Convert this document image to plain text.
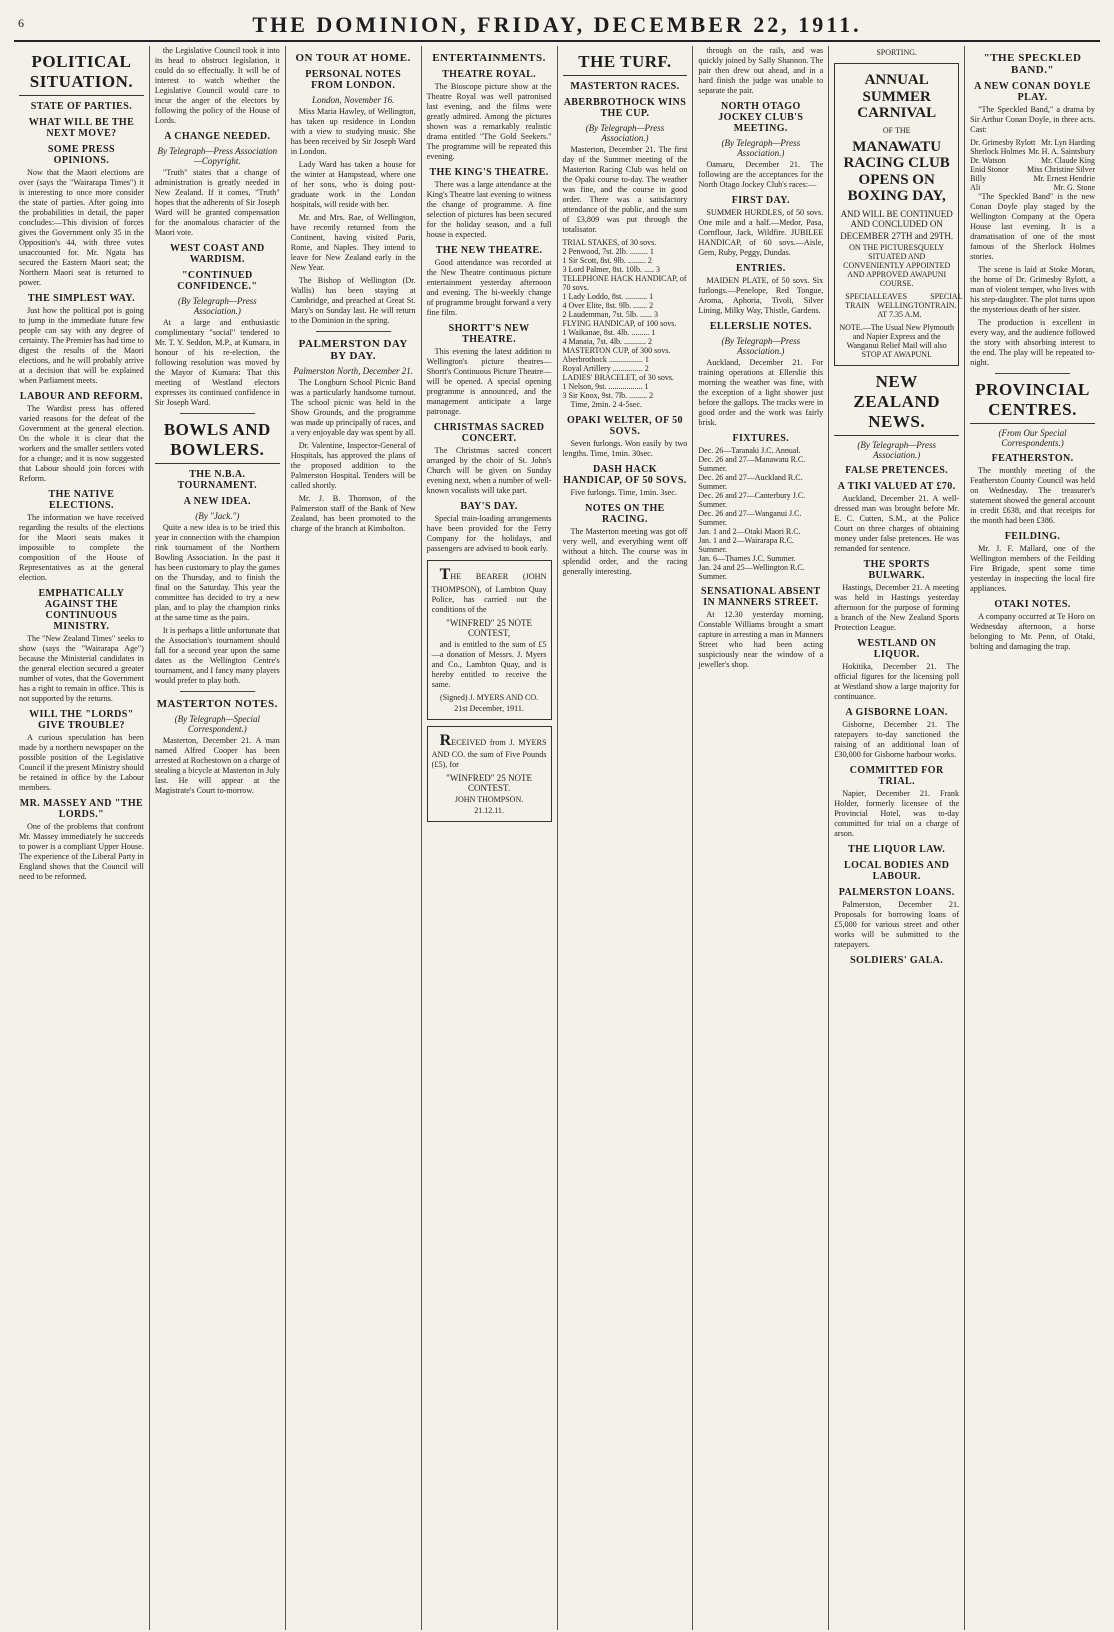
6	THE DOMINION, FRIDAY, DECEMBER 22, 1911.
POLITICAL SITUATION.
STATE OF PARTIES.
WHAT WILL BE THE NEXT MOVE?
SOME PRESS OPINIONS.

Now that the Maori elections are over (says the "Wairarapa Times") it is interesting to once more consider the state of parties. After going into the probabilities in detail, the paper concludes:—This division of forces gives the Government only 35 in the Opposition's 44, with three votes unaccounted for. Mr. Ngata has secured the Eastern Maori seat; the Northern Maori seat is returned to power.

THE SIMPLEST WAY.

Just how the political pot is going to jump in the immediate future few people can say with any degree of certainty. The Premier has had time to digest the results of the Maori elections, and he will probably arrive at a decision that will be explained when Parliament meets.

LABOUR AND REFORM.

The Wardist press has offered varied reasons for the defeat of the Government at the general election. On the whole it is clear that the workers and the smaller settlers voted for a change; and it is now suggested that Labour should join forces with Reform.

THE NATIVE ELECTIONS.

The information we have received regarding the results of the elections for the Maori seats makes it impossible to complete the composition of the House of Representatives as at the general election.

EMPHATICALLY AGAINST THE CONTINUOUS MINISTRY.

The "New Zealand Times" seeks to show (says the "Wairarapa Age") because the Ministerial candidates in the general election secured a greater number of votes, that the Government has a right to remain in office. This is not supported by the returns.

WILL THE "LORDS" GIVE TROUBLE?

A curious speculation has been made by a northern newspaper on the possible position of the Legislative Council if the present Ministry should be retained in office by the Labour members.

MR. MASSEY AND "THE LORDS."

One of the problems that confront Mr. Massey immediately he succeeds to power is a compliant Upper House. The experience of the Liberal Party in England shows that the Council will need to be reformed.

the Legislative Council took it into its head to obstruct legislation, it could do so effectually. It will be of interest to watch whether the Legislative Council would care to incur the anger of the electors by following the policy of the House of Lords.

A CHANGE NEEDED.
By Telegraph—Press Association—Copyright.

"Truth" states that a change of administration is greatly needed in New Zealand. If it comes, "Truth" hopes that the adherents of Sir Joseph Ward will be granted compensation for the anomalous character of the Maori vote.

WEST COAST AND WARDISM.
"CONTINUED CONFIDENCE."
(By Telegraph—Press Association.)

At a large and enthusiastic complimentary "social" tendered to Mr. T. Y. Seddon, M.P., at Kumara, in honour of his re-election, the following resolution was moved by the Mayor of Kumara: That this meeting of Westland electors expresses its continued confidence in Sir Joseph Ward.

BOWLS AND BOWLERS.
THE N.B.A. TOURNAMENT.
A NEW IDEA.
(By "Jack.")

Quite a new idea is to be tried this year in connection with the champion rink tournament of the Northern Bowling Association. In the past it has been customary to play the games on the Thursday, and to finish the final on the Saturday. This year the committee has decided to try a new plan, and to play the champion rinks at the same time as the pairs.

It is perhaps a little unfortunate that the Association's tournament should fall for a second year upon the same dates as the Wellington Centre's tournament, and I fancy many players would prefer to play both.

MASTERTON NOTES.
(By Telegraph—Special Correspondent.)

Masterton, December 21. A man named Alfred Cooper has been arrested at Rochestown on a charge of stealing a bicycle at Masterton in July last. He will appear at the Magistrate's Court to-morrow.

ON TOUR AT HOME.
PERSONAL NOTES FROM LONDON.
London, November 16.

Miss Maria Hawley, of Wellington, has taken up residence in London with a view to studying music. She has been received by Sir Joseph Ward in London.

Lady Ward has taken a house for the winter at Hampstead, where one of her sons, who is doing post-graduate work in the London hospitals, will reside with her.

Mr. and Mrs. Rae, of Wellington, have recently returned from the Continent, having visited Paris, Rome, and Naples. They intend to leave for New Zealand early in the New Year.

The Bishop of Wellington (Dr. Wallis) has been staying at Cambridge, and preached at Great St. Mary's on Sunday last. He will return to the Dominion in the spring.

PALMERSTON DAY BY DAY.
Palmerston North, December 21.

The Longburn School Picnic Band was a particularly handsome turnout. The school picnic was held in the Show Grounds, and the programme was made up principally of races, and a very enjoyable day was spent by all.

Dr. Valentine, Inspector-General of Hospitals, has approved the plans of the proposed addition to the Palmerston Hospital. Tenders will be called shortly.

Mr. J. B. Thomson, of the Palmerston staff of the Bank of New Zealand, has been promoted to the charge of the branch at Kimbolton.

ENTERTAINMENTS.
THEATRE ROYAL.

The Bioscope picture show at the Theatre Royal was well patronised last evening, and the films were greatly admired. Among the pictures shown was a remarkably realistic drama entitled "The Gold Seekers." The programme will be repeated this evening.

THE KING'S THEATRE.

There was a large attendance at the King's Theatre last evening to witness the change of programme. A fine selection of pictures has been secured for the holiday season, and a full house is expected.

THE NEW THEATRE.

Good attendance was recorded at the New Theatre continuous picture entertainment yesterday afternoon and evening. The bi-weekly change of programme brought forward a very fine film.

SHORTT'S NEW THEATRE.

This evening the latest addition to Wellington's picture theatres—Shortt's Continuous Picture Theatre—will be opened. A special opening programme is announced, and the management anticipate a large patronage.

CHRISTMAS SACRED CONCERT.

The Christmas sacred concert arranged by the choir of St. John's Church will be given on Sunday evening next, when a number of well-known vocalists will take part.

BAY'S DAY.

Special train-loading arrangements have been provided for the Ferry Company for the holidays, and passengers are advised to book early.

THE BEARER (JOHN THOMPSON), of Lambton Quay Police, has carried out the conditions of the

"WINFRED" 25 NOTE CONTEST,

and is entitled to the sum of £5—a donation of Messrs. J. Myers and Co., Lambton Quay, and is hereby entitled to receive the same.

(Signed) J. MYERS AND CO.
21st December, 1911.

RECEIVED from J. MYERS AND CO. the sum of Five Pounds (£5), for

"WINFRED" 25 NOTE CONTEST.
JOHN THOMPSON.
21.12.11.
THE TURF.
MASTERTON RACES.
ABERBROTHOCK WINS THE CUP.
(By Telegraph—Press Association.)

Masterton, December 21. The first day of the Summer meeting of the Masterton Racing Club was held on the Opaki course to-day. The weather was fine, and the course in good order. There was a satisfactory attendance of the public, and the sum of £3,809 was put through the totalisator.

TRIAL STAKES, of 30 sovs.

2 Penwood, 7st. 2lb. ......... 1

1 Sir Scott, 8st. 9lb. ......... 2

3 Lord Palmer, 8st. 10lb. ..... 3

TELEPHONE HACK HANDICAP, of 70 sovs.

1 Lady Loddo, 8st. ........... 1

4 Over Elite, 8st. 9lb. ....... 2

2 Laudemman, 7st. 5lb. ...... 3

FLYING HANDICAP, of 100 sovs.

1 Waikanae, 8st. 4lb. ......... 1

4 Manaia, 7st. 4lb. ........... 2

MASTERTON CUP, of 300 sovs.

Aberbrothock ................. 1

Royal Artillery ............... 2

LADIES' BRACELET, of 30 sovs.

1 Nelson, 9st. ................. 1

3 Sir Knox, 9st. 7lb. ......... 2

Time, 2min. 2 4-5sec.

OPAKI WELTER, OF 50 SOVS.

Seven furlongs. Won easily by two lengths. Time, 1min. 30sec.

DASH HACK HANDICAP, OF 50 SOVS.

Five furlongs. Time, 1min. 3sec.

NOTES ON THE RACING.

The Masterton meeting was got off very well, and everything went off without a hitch. The course was in splendid order, and the racing generally interesting.

through on the rails, and was quickly joined by Sally Shannon. The pair then drew out ahead, and in a hard finish the judge was unable to separate the pair.

NORTH OTAGO JOCKEY CLUB'S MEETING.
(By Telegraph—Press Association.)

Oamaru, December 21. The following are the acceptances for the North Otago Jockey Club's races:—

FIRST DAY.

SUMMER HURDLES, of 50 sovs. One mile and a half.—Medor, Pasa, Cornflour, Jack, Wildfire. JUBILEE HANDICAP, of 60 sovs.—Aisle, Gem, Ruby, Peggy, Dundas.

ENTRIES.

MAIDEN PLATE, of 50 sovs. Six furlongs.—Penelope, Red Tongue, Aroma, Aphoria, Tivoli, Silver Lining, Milky Way, Thistle, Gardens.

ELLERSLIE NOTES.
(By Telegraph—Press Association.)

Auckland, December 21. For training operations at Ellerslie this morning the weather was fine, with the exception of a light shower just before the gallops. The tracks were in good order and the work was fairly brisk.

FIXTURES.

Dec. 26—Taranaki J.C. Annual.

Dec. 26 and 27—Manawatu R.C. Summer.

Dec. 26 and 27—Auckland R.C. Summer.

Dec. 26 and 27—Canterbury J.C. Summer.

Dec. 26 and 27—Wanganui J.C. Summer.

Jan. 1 and 2—Otaki Maori R.C.

Jan. 1 and 2—Wairarapa R.C. Summer.

Jan. 6—Thames J.C. Summer.

Jan. 24 and 25—Wellington R.C. Summer.

SENSATIONAL ABSENT IN MANNERS STREET.

At 12.30 yesterday morning, Constable Williams brought a smart capture in arresting a man in Manners Street who had been acting suspiciously near the window of a jeweller's shop.

SPORTING.
ANNUAL SUMMER CARNIVAL
OF THE
MANAWATU RACING CLUB OPENS ON BOXING DAY,
AND WILL BE CONTINUED AND CONCLUDED ON
DECEMBER 27TH and 29TH.
ON THE PICTURESQUELY SITUATED AND CONVENIENTLY APPOINTED AND APPROVED AWAPUNI COURSE.
SPECIAL TRAIN
LEAVES WELLINGTON AT 7.35 A.M.
SPECIAL TRAIN.
NOTE.—The Usual New Plymouth and Napier Express and the Wanganui Relief Mail will also STOP AT AWAPUNI.
NEW ZEALAND NEWS.
(By Telegraph—Press Association.)
FALSE PRETENCES.
A TIKI VALUED AT £70.

Auckland, December 21. A well-dressed man was brought before Mr. E. C. Cutten, S.M., at the Police Court on three charges of obtaining money under false pretences. He was remanded for sentence.

THE SPORTS BULWARK.

Hastings, December 21. A meeting was held in Hastings yesterday afternoon for the purpose of forming a branch of the New Zealand Sports Protection League.

WESTLAND ON LIQUOR.

Hokitika, December 21. The official figures for the licensing poll at Westland show a large majority for continuance.

A GISBORNE LOAN.

Gisborne, December 21. The ratepayers to-day sanctioned the raising of an additional loan of £30,000 for Gisborne harbour works.

COMMITTED FOR TRIAL.

Napier, December 21. Frank Holder, formerly licensee of the Provincial Hotel, was to-day committed for trial on a charge of arson.

THE LIQUOR LAW.
LOCAL BODIES AND LABOUR.
PALMERSTON LOANS.

Palmerston, December 21. Proposals for borrowing loans of £5,000 for various street and other works will be submitted to the ratepayers.

SOLDIERS' GALA.
"THE SPECKLED BAND."
A NEW CONAN DOYLE PLAY.

"The Speckled Band," a drama by Sir Arthur Conan Doyle, in three acts. Cast:

Dr. Grimesby Rylott Mr. Lyn Harding
Sherlock Holmes Mr. H. A. Saintsbury
Dr. Watson	Mr. Claude King
Enid Stonor Miss Christine Silver
Billy	Mr. Ernest Hendrie
Ali	Mr. G. Stone

"The Speckled Band" is the new Conan Doyle play staged by the Wellington Company at the Opera House last evening. It is a dramatisation of one of the most famous of the Sherlock Holmes stories.

The scene is laid at Stoke Moran, the home of Dr. Grimesby Rylott, a man of violent temper, who lives with his step-daughter. The plot turns upon the mysterious death of her sister.

The production is excellent in every way, and the audience followed the story with absorbing interest to the end. The play will be repeated to-night.

PROVINCIAL CENTRES.
(From Our Special Correspondents.)
FEATHERSTON.

The monthly meeting of the Featherston County Council was held on Wednesday. The treasurer's statement showed the general account in credit £638, and that receipts for the month had been £386.

FEILDING.

Mr. J. F. Mallard, one of the Wellington members of the Feilding Fire Brigade, spent some time yesterday in inspecting the local fire appliances.

OTAKI NOTES.

A company occurred at Te Horo on Wednesday afternoon, a horse belonging to Mr. Penn, of Otaki, bolting and damaging the trap.
